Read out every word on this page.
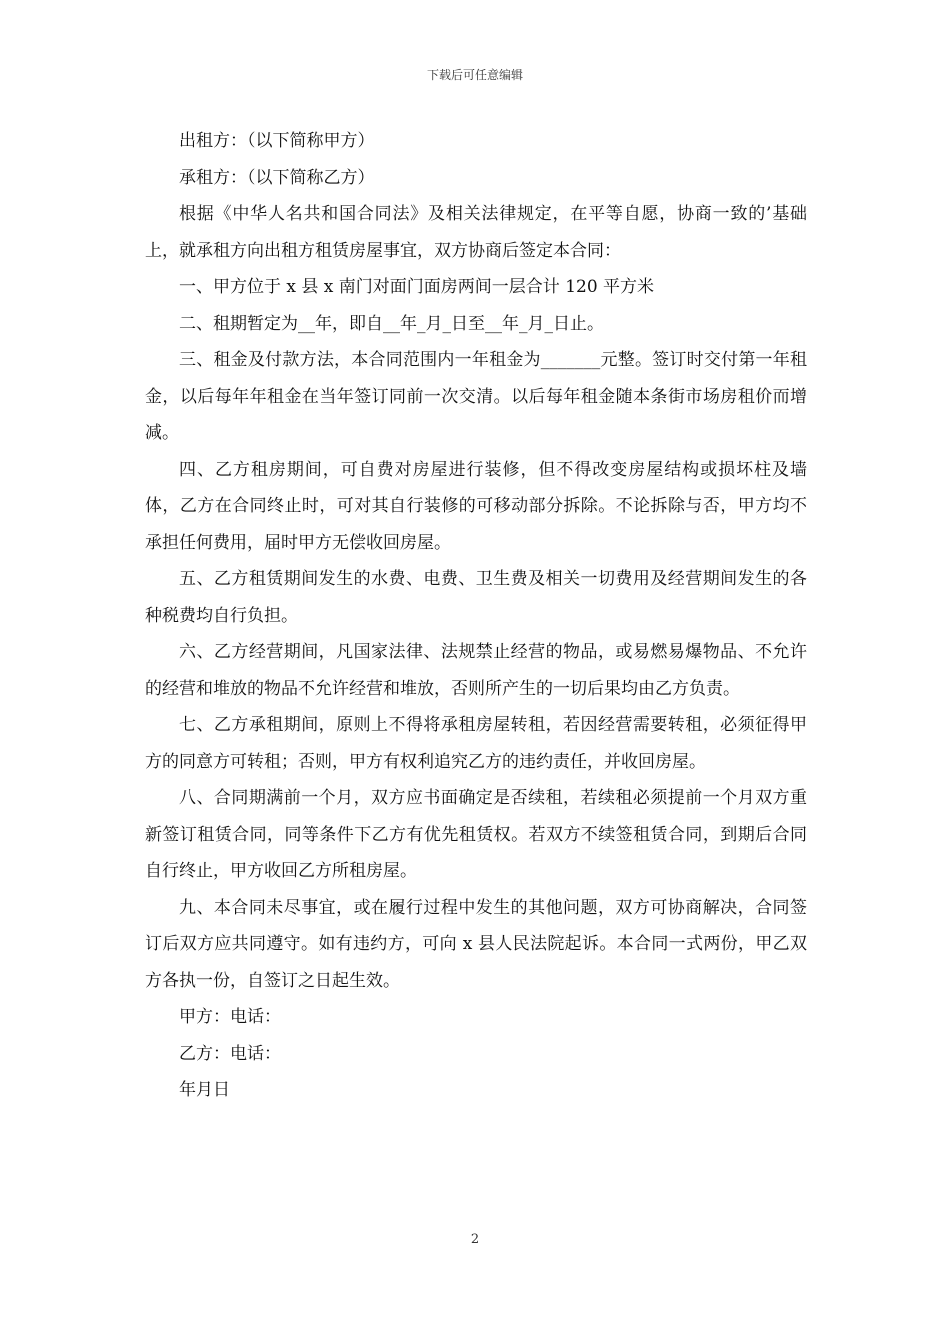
下载后可任意编辑

出租方：（以下简称甲方）

承租方：（以下简称乙方）

根据《中华人名共和国合同法》及相关法律规定，在平等自愿，协商一致的’基础上，就承租方向出租方租赁房屋事宜，双方协商后签定本合同：

一、甲方位于 x 县 x 南门对面门面房两间一层合计 120 平方米

二、租期暂定为__年，即自__年_月_日至__年_月_日止。

三、租金及付款方法，本合同范围内一年租金为_______元整。签订时交付第一年租金，以后每年年租金在当年签订同前一次交清。以后每年租金随本条街市场房租价而增减。

四、乙方租房期间，可自费对房屋进行装修，但不得改变房屋结构或损坏柱及墙体，乙方在合同终止时，可对其自行装修的可移动部分拆除。不论拆除与否，甲方均不承担任何费用，届时甲方无偿收回房屋。

五、乙方租赁期间发生的水费、电费、卫生费及相关一切费用及经营期间发生的各种税费均自行负担。

六、乙方经营期间，凡国家法律、法规禁止经营的物品，或易燃易爆物品、不允许的经营和堆放的物品不允许经营和堆放，否则所产生的一切后果均由乙方负责。

七、乙方承租期间，原则上不得将承租房屋转租，若因经营需要转租，必须征得甲方的同意方可转租；否则，甲方有权利追究乙方的违约责任，并收回房屋。

八、合同期满前一个月，双方应书面确定是否续租，若续租必须提前一个月双方重新签订租赁合同，同等条件下乙方有优先租赁权。若双方不续签租赁合同，到期后合同自行终止，甲方收回乙方所租房屋。

九、本合同未尽事宜，或在履行过程中发生的其他问题，双方可协商解决，合同签订后双方应共同遵守。如有违约方，可向 x 县人民法院起诉。本合同一式两份，甲乙双方各执一份，自签订之日起生效。

甲方：电话：

乙方：电话：

年月日

2
